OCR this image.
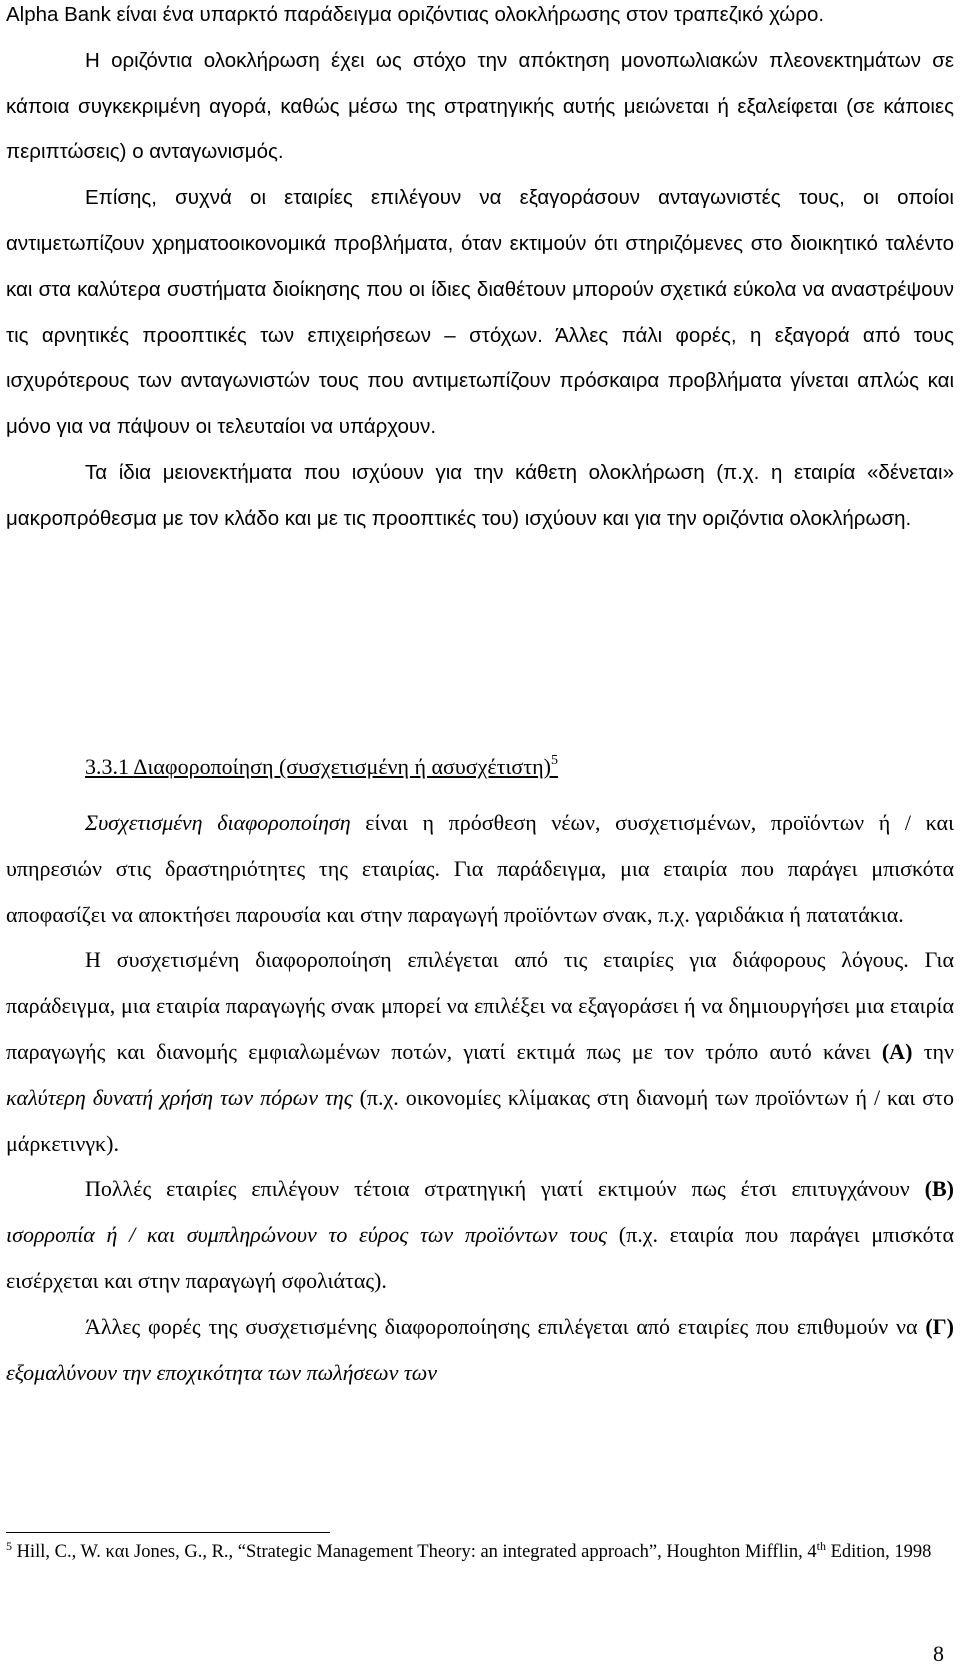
Alpha Bank είναι ένα υπαρκτό παράδειγμα οριζόντιας ολοκλήρωσης στον τραπεζικό χώρο.

Η οριζόντια ολοκλήρωση έχει ως στόχο την απόκτηση μονοπωλιακών πλεονεκτημάτων σε κάποια συγκεκριμένη αγορά, καθώς μέσω της στρατηγικής αυτής μειώνεται ή εξαλείφεται (σε κάποιες περιπτώσεις) ο ανταγωνισμός.

Επίσης, συχνά οι εταιρίες επιλέγουν να εξαγοράσουν ανταγωνιστές τους, οι οποίοι αντιμετωπίζουν χρηματοοικονομικά προβλήματα, όταν εκτιμούν ότι στηριζόμενες στο διοικητικό ταλέντο και στα καλύτερα συστήματα διοίκησης που οι ίδιες διαθέτουν μπορούν σχετικά εύκολα να αναστρέψουν τις αρνητικές προοπτικές των επιχειρήσεων – στόχων. Άλλες πάλι φορές, η εξαγορά από τους ισχυρότερους των ανταγωνιστών τους που αντιμετωπίζουν πρόσκαιρα προβλήματα γίνεται απλώς και μόνο για να πάψουν οι τελευταίοι να υπάρχουν.

Τα ίδια μειονεκτήματα που ισχύουν για την κάθετη ολοκλήρωση (π.χ. η εταιρία «δένεται» μακροπρόθεσμα με τον κλάδο και με τις προοπτικές του) ισχύουν και για την οριζόντια ολοκλήρωση.

3.3.1 Διαφοροποίηση (συσχετισμένη ή ασυσχέτιστη)$^5$

Συσχετισμένη διαφοροποίηση είναι η πρόσθεση νέων, συσχετισμένων, προϊόντων ή / και υπηρεσιών στις δραστηριότητες της εταιρίας. Για παράδειγμα, μια εταιρία που παράγει μπισκότα αποφασίζει να αποκτήσει παρουσία και στην παραγωγή προϊόντων σνακ, π.χ. γαριδάκια ή πατατάκια.

Η συσχετισμένη διαφοροποίηση επιλέγεται από τις εταιρίες για διάφορους λόγους. Για παράδειγμα, μια εταιρία παραγωγής σνακ μπορεί να επιλέξει να εξαγοράσει ή να δημιουργήσει μια εταιρία παραγωγής και διανομής εμφιαλωμένων ποτών, γιατί εκτιμά πως με τον τρόπο αυτό κάνει (A) την καλύτερη δυνατή χρήση των πόρων της (π.χ. οικονομίες κλίμακας στη διανομή των προϊόντων ή / και στο μάρκετινγκ).

Πολλές εταιρίες επιλέγουν τέτοια στρατηγική γιατί εκτιμούν πως έτσι επιτυγχάνουν (B) ισορροπία ή / και συμπληρώνουν το εύρος των προϊόντων τους (π.χ. εταιρία που παράγει μπισκότα εισέρχεται και στην παραγωγή σφολιάτας).

Άλλες φορές της συσχετισμένης διαφοροποίησης επιλέγεται από εταιρίες που επιθυμούν να (Γ) εξομαλύνουν την εποχικότητα των πωλήσεων των

$^5$ Hill, C., W. και Jones, G., R., “Strategic Management Theory: an integrated approach”, Houghton Mifflin, 4th Edition, 1998
8
